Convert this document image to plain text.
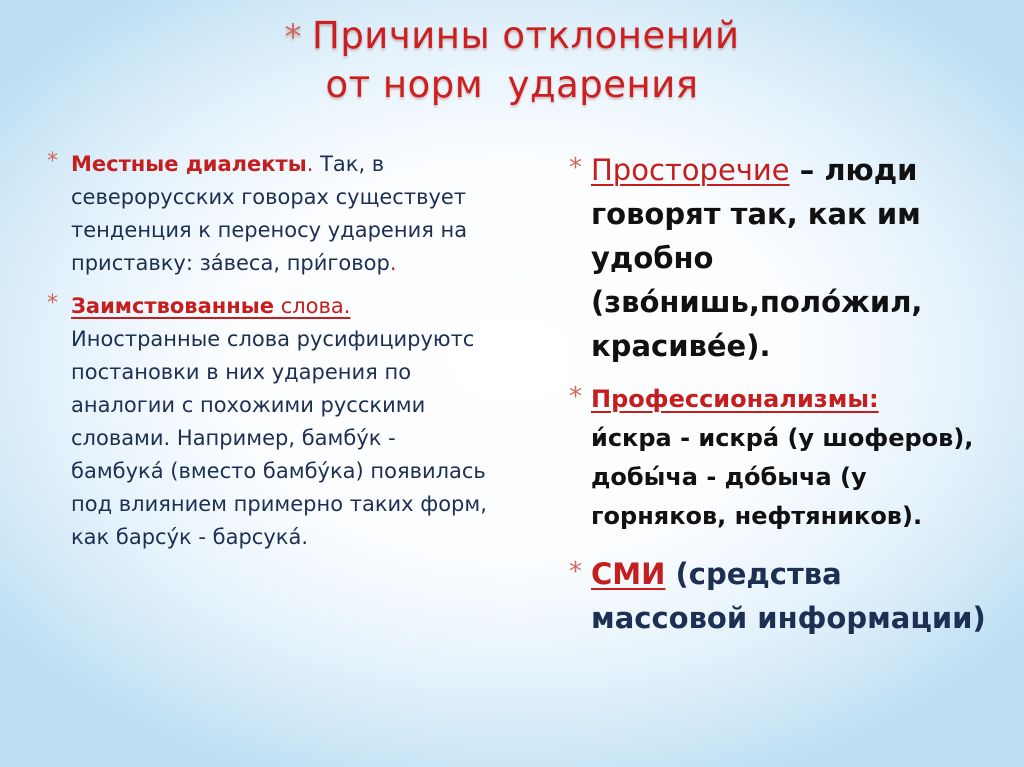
* Причины отклонений
от норм  ударения
* Местные диалекты. Так, в северорусских говорах существует тенденция к переносу ударения на приставку: за́веса, при́говор.
* Заимствованные слова.
Иностранные слова русифицируютс постановки в них ударения по аналогии с похожими русскими словами. Например, бамбу́к - бамбука́ (вместо бамбу́ка) появилась под влиянием примерно таких форм, как барсу́к - барсука́.
* Просторечие – люди говорят так, как им удобно (зво́нишь,поло́жил, красиве́е).
* Профессионализмы:
и́скра - искра́ (у шоферов), добы́ча - до́быча (у горняков, нефтяников).
* СМИ (средства массовой информации)
